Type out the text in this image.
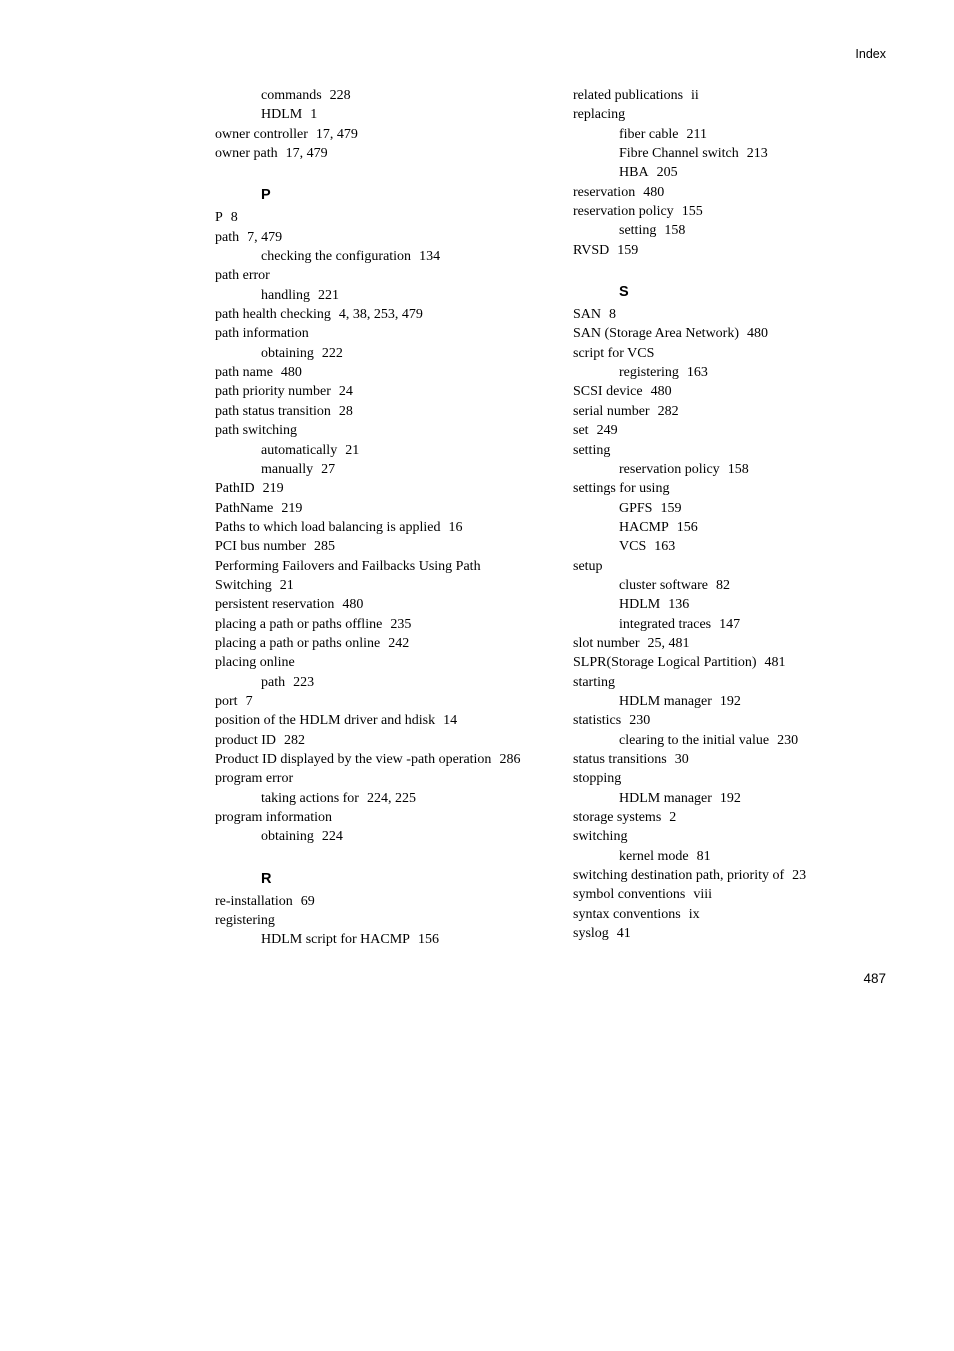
Index
commands 228
HDLM 1
owner controller 17, 479
owner path 17, 479
P
P 8
path 7, 479
checking the configuration 134
path error
handling 221
path health checking 4, 38, 253, 479
path information
obtaining 222
path name 480
path priority number 24
path status transition 28
path switching
automatically 21
manually 27
PathID 219
PathName 219
Paths to which load balancing is applied 16
PCI bus number 285
Performing Failovers and Failbacks Using Path
Switching 21
persistent reservation 480
placing a path or paths offline 235
placing a path or paths online 242
placing online
path 223
port 7
position of the HDLM driver and hdisk 14
product ID 282
Product ID displayed by the view -path operation 286
program error
taking actions for 224, 225
program information
obtaining 224
R
re-installation 69
registering
HDLM script for HACMP 156
related publications ii
replacing
fiber cable 211
Fibre Channel switch 213
HBA 205
reservation 480
reservation policy 155
setting 158
RVSD 159
S
SAN 8
SAN (Storage Area Network) 480
script for VCS
registering 163
SCSI device 480
serial number 282
set 249
setting
reservation policy 158
settings for using
GPFS 159
HACMP 156
VCS 163
setup
cluster software 82
HDLM 136
integrated traces 147
slot number 25, 481
SLPR(Storage Logical Partition) 481
starting
HDLM manager 192
statistics 230
clearing to the initial value 230
status transitions 30
stopping
HDLM manager 192
storage systems 2
switching
kernel mode 81
switching destination path, priority of 23
symbol conventions viii
syntax conventions ix
syslog 41
487
